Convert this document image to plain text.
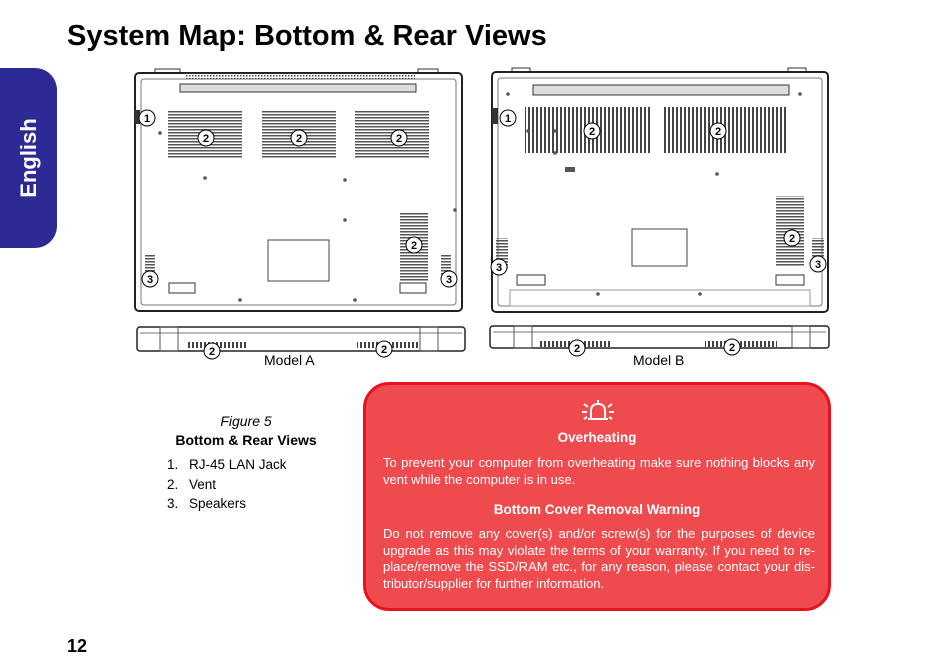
System Map: Bottom & Rear Views
English	1
2	2	2
2
3	3
1
2	2
2
3	3
2	2	2	2
Model A	Model B
Figure 5
Bottom & Rear Views
1. RJ-45 LAN Jack
2. Vent
3. Speakers
Overheating

To prevent your computer from overheating make sure nothing blocks any vent while the computer is in use.

Bottom Cover Removal Warning

Do not remove any cover(s) and/or screw(s) for the purposes of device upgrade as this may violate the terms of your warranty. If you need to re-place/remove the SSD/RAM etc., for any reason, please contact your dis-tributor/supplier for further information.

12
